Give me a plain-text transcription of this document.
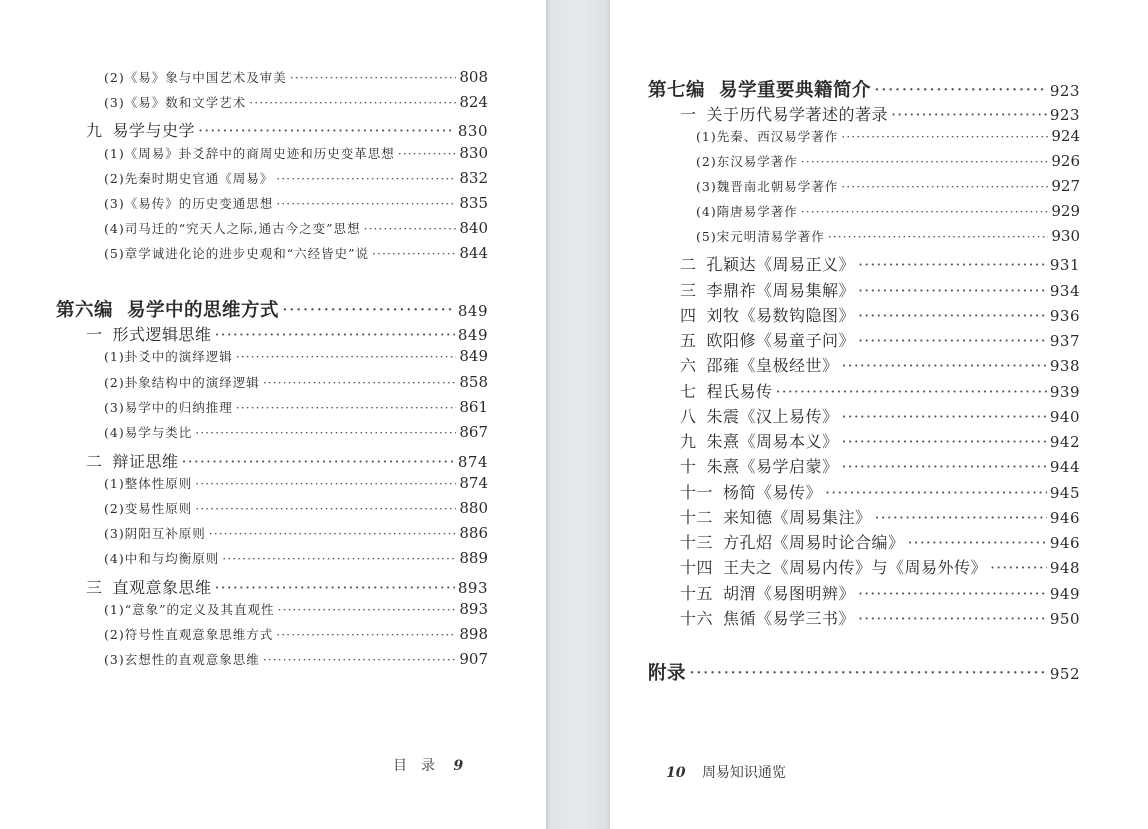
(2)《易》象与中国艺术及审美 ·····	808
(3)《易》数和文学艺术 ·····	824
九 易学与史学 ·····	830
(1)《周易》卦爻辞中的商周史迹和历史变革思想 ·····	830
(2)先秦时期史官通《周易》 ·····	832
(3)《易传》的历史变通思想 ·····	835
(4)司马迁的“究天人之际,通古今之变”思想 ·····	840
(5)章学诚进化论的进步史观和“六经皆史”说 ·····	844
第六编 易学中的思维方式 ·····	849
一 形式逻辑思维 ·····	849
(1)卦爻中的演绎逻辑 ·····	849
(2)卦象结构中的演绎逻辑 ·····	858
(3)易学中的归纳推理 ·····	861
(4)易学与类比 ·····	867
二 辩证思维 ·····	874
(1)整体性原则 ·····	874
(2)变易性原则 ·····	880
(3)阴阳互补原则 ·····	886
(4)中和与均衡原则 ·····	889
三 直观意象思维 ·····	893
(1)“意象”的定义及其直观性 ·····	893
(2)符号性直观意象思维方式 ·····	898
(3)玄想性的直观意象思维 ·····	907
目　录 9
第七编 易学重要典籍简介 ·····	923
一 关于历代易学著述的著录 ·····	923
(1)先秦、西汉易学著作 ·····	924
(2)东汉易学著作 ·····	926
(3)魏晋南北朝易学著作 ·····	927
(4)隋唐易学著作 ·····	929
(5)宋元明清易学著作 ·····	930
二 孔颖达《周易正义》 ·····	931
三 李鼎祚《周易集解》 ·····	934
四 刘牧《易数钩隐图》 ·····	936
五 欧阳修《易童子问》 ·····	937
六 邵雍《皇极经世》 ·····	938
七 程氏易传 ·····	939
八 朱震《汉上易传》 ·····	940
九 朱熹《周易本义》 ·····	942
十 朱熹《易学启蒙》 ·····	944
十一 杨简《易传》 ·····	945
十二 来知德《周易集注》 ·····	946
十三 方孔炤《周易时论合编》 ·····	946
十四 王夫之《周易内传》与《周易外传》 ·····	948
十五 胡渭《易图明辨》 ·····	949
十六 焦循《易学三书》 ·····	950
附录 ·····	952
10 周易知识通览
